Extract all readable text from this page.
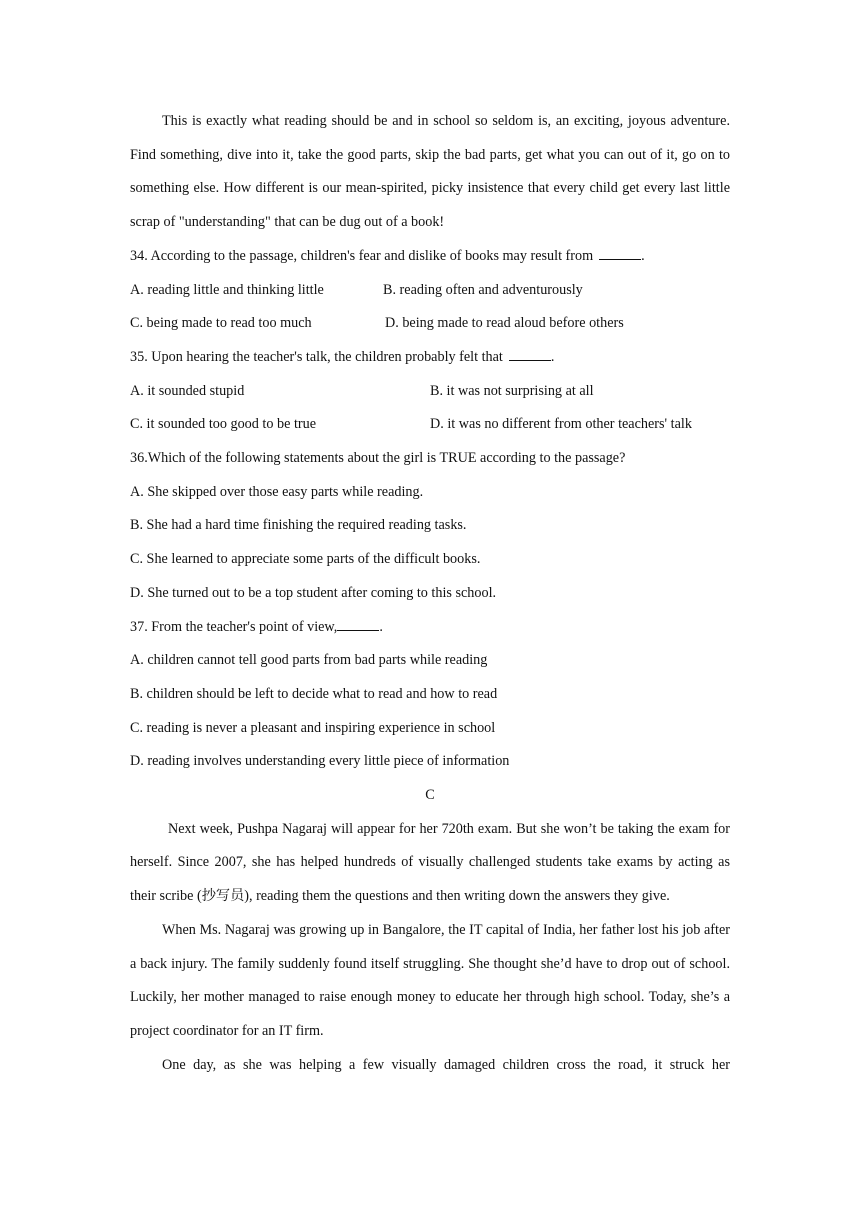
This is exactly what reading should be and in school so seldom is, an exciting, joyous adventure. Find something, dive into it, take the good parts, skip the bad parts, get what you can out of it, go on to something else. How different is our mean-spirited, picky insistence that every child get every last little scrap of "understanding" that can be dug out of a book!

34. According to the passage, children's fear and dislike of books may result from	.

A. reading little and thinking little	B. reading often and adventurously

C. being made to read too much	D. being made to read aloud before others

35. Upon hearing the teacher's talk, the children probably felt that	.

A. it sounded stupid	B. it was not surprising at all

C. it sounded too good to be true	D. it was no different from other teachers' talk

36.Which of the following statements about the girl is TRUE according to the passage?

A. She skipped over those easy parts while reading.

B. She had a hard time finishing the required reading tasks.

C. She learned to appreciate some parts of the difficult books.

D. She turned out to be a top student after coming to this school.

37. From the teacher's point of view,	.

A. children cannot tell good parts from bad parts while reading

B. children should be left to decide what to read and how to read

C. reading is never a pleasant and inspiring experience in school

D. reading involves understanding every little piece of information

C

Next week, Pushpa Nagaraj will appear for her 720th exam. But she won’t be taking the exam for herself. Since 2007, she has helped hundreds of visually challenged students take exams by acting as their scribe (抄写员), reading them the questions and then writing down the answers they give.

When Ms. Nagaraj was growing up in Bangalore, the IT capital of India, her father lost his job after a back injury. The family suddenly found itself struggling. She thought she’d have to drop out of school. Luckily, her mother managed to raise enough money to educate her through high school. Today, she’s a project coordinator for an IT firm.

One day, as she was helping a few visually damaged children cross the road, it struck her
